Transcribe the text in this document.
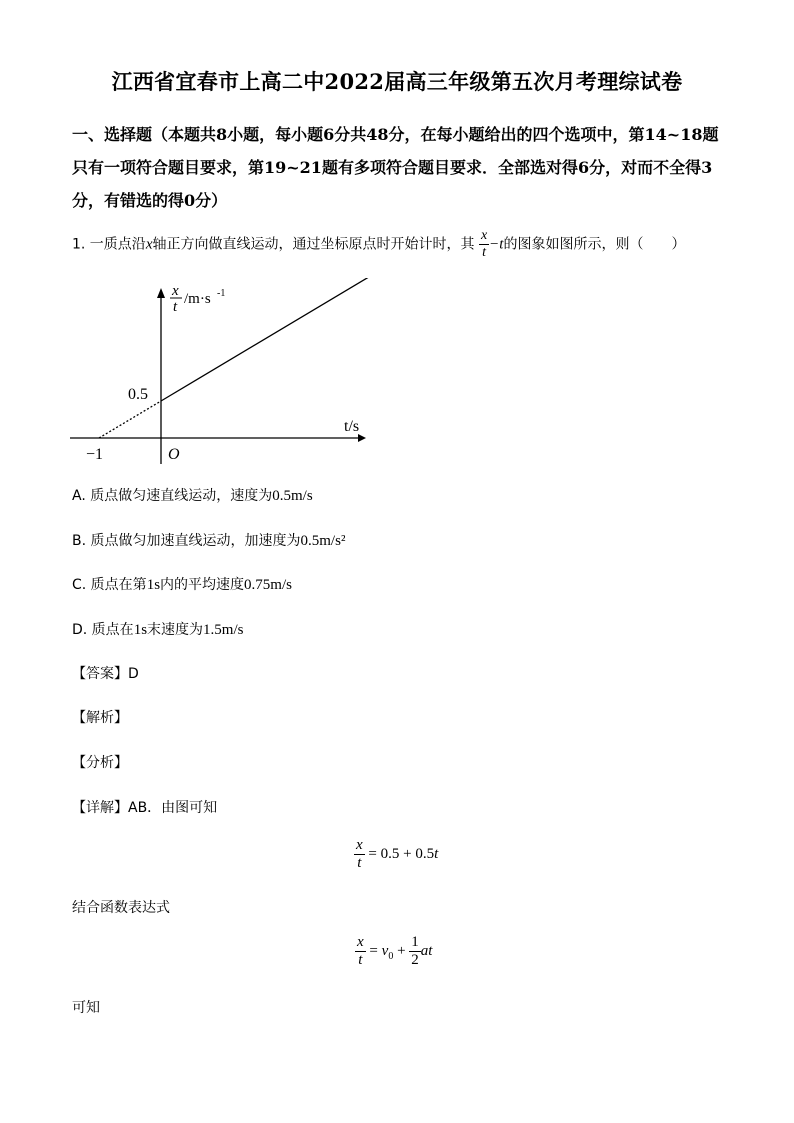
江西省宜春市上高二中2022届高三年级第五次月考理综试卷
一、选择题（本题共8小题，每小题6分共48分，在每小题给出的四个选项中，第14~18题只有一项符合题目要求，第19~21题有多项符合题目要求．全部选对得6分，对而不全得3分，有错选的得0分）
1. 一质点沿x轴正方向做直线运动，通过坐标原点时开始计时，其 $\frac{x}{t} -t$的图象如图所示，则（　　）
x
t /m·s -1
0.5
−1	O
t/s
A. 质点做匀速直线运动，速度为0.5m/s
B. 质点做匀加速直线运动，加速度为0.5m/s²
C. 质点在第1s内的平均速度0.75m/s
D. 质点在1s末速度为1.5m/s
【答案】D
【解析】
【分析】
【详解】AB．由图可知
$\frac{x}{t} = 0.5 + 0.5t$
结合函数表达式
$\frac{x}{t} = v_0 + \frac{1}{2}$ at
可知
